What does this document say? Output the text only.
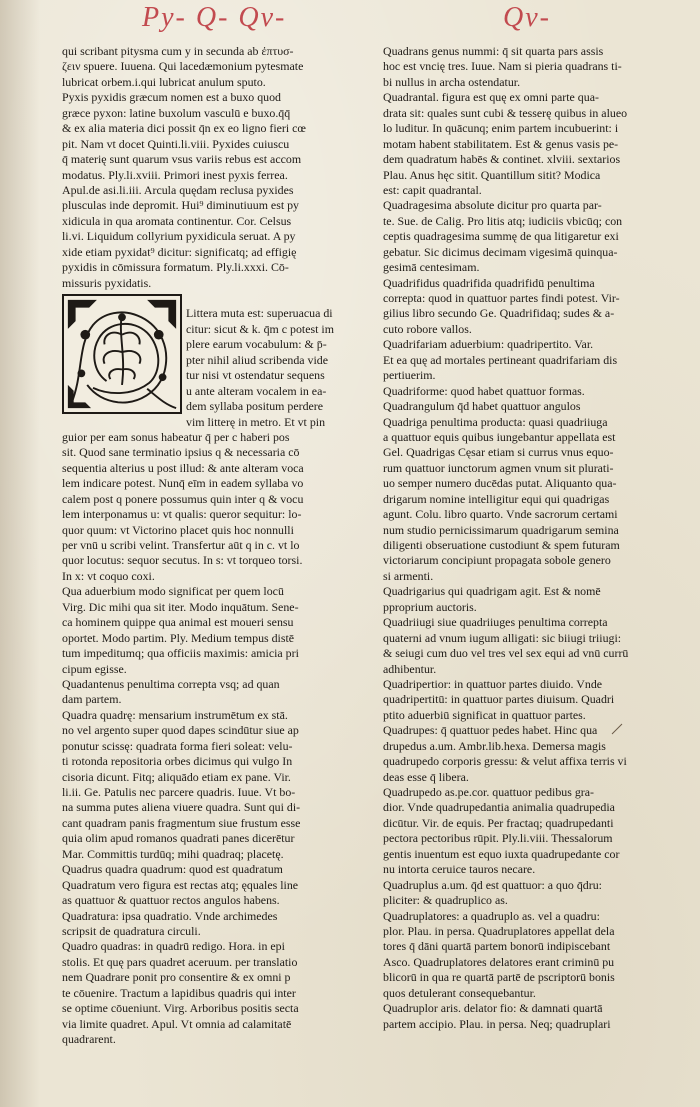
Py- Q- Qv-	Qv-
qui scribant pitysma cum y in secunda ab ἐπτυσ-
ζειν spuere. Iuuena. Qui lacedæmonium pytesmate
lubricat orbem.i.qui lubricat anulum sputo.
Pyxis pyxidis græcum nomen est a buxo quod
græce pyxon: latine buxolum vasculū e buxo.q̄q̄
& ex alia materia dici possit q̄n ex eo ligno fieri cœ
pit. Nam vt docet Quinti.li.viii. Pyxides cuiuscu
q̄ materię sunt quarum vsus variis rebus est accom
modatus. Ply.li.xviii. Primori inest pyxis ferrea.
Apul.de asi.li.iii. Arcula quędam reclusa pyxides
plusculas inde depromit. Hui⁹ diminutiuum est py
xidicula in qua aromata continentur. Cor. Celsus
li.vi. Liquidum collyrium pyxidicula seruat. A py
xide etiam pyxidat⁹ dicitur: significatq; ad effigię
pyxidis in cōmissura formatum. Ply.li.xxxi. Cō-
missuris pyxidatis.
Littera muta est: superuacua di
citur: sicut & k. q̄m c potest im
plere earum vocabulum: & p̄-
pter nihil aliud scribenda vide
tur nisi vt ostendatur sequens
u ante alteram vocalem in ea-
dem syllaba positum perdere
vim litterę in metro. Et vt pin
guior per eam sonus habeatur q̄ per c haberi pos
sit. Quod sane terminatio ipsius q & necessaria cō
sequentia alterius u post illud: & ante alteram voca
lem indicare potest. Nunq̄ eīm in eadem syllaba vo
calem post q ponere possumus quin inter q & vocu
lem interponamus u: vt qualis: queror sequitur: lo-
quor quum: vt Victorino placet quis hoc nonnulli
per vnū u scribi velint. Transfertur aūt q in c. vt lo
quor locutus: sequor secutus. In s: vt torqueo torsi.
In x: vt coquo coxi.
Qua aduerbium modo significat per quem locū
Virg. Dic mihi qua sit iter. Modo inquātum. Sene-
ca hominem quippe qua animal est moueri sensu
oportet. Modo partim. Ply. Medium tempus distē
tum impeditumq; qua officiis maximis: amicia pri
cipum egisse.
Quadantenus penultima correpta vsq; ad quan
dam partem.
Quadra quadrę: mensarium instrumētum ex stā.
no vel argento super quod dapes scindūtur siue ap
ponutur scissę: quadrata forma fieri soleat: velu-
ti rotonda repositoria orbes dicimus qui vulgo In
cisoria dicunt. Fitq; aliquādo etiam ex pane. Vir.
li.ii. Ge. Patulis nec parcere quadris. Iuue. Vt bo-
na summa putes aliena viuere quadra. Sunt qui di-
cant quadram panis fragmentum siue frustum esse
quia olim apud romanos quadrati panes dicerētur
Mar. Committis turdūq; mihi quadraq; placetę.
Quadrus quadra quadrum: quod est quadratum
Quadratum vero figura est rectas atq; ęquales line
as quattuor & quattuor rectos angulos habens.
Quadratura: ipsa quadratio. Vnde archimedes
scripsit de quadratura circuli.
Quadro quadras: in quadrū redigo. Hora. in epi
stolis. Et quę pars quadret aceruum. per translatio
nem Quadrare ponit pro consentire & ex omni p
te cōuenire. Tractum a lapidibus quadris qui inter
se optime cōueniunt. Virg. Arboribus positis secta
via limite quadret. Apul. Vt omnia ad calamitatē
quadrarent.
Quadrans genus nummi: q̄ sit quarta pars assis
hoc est vncię tres. Iuue. Nam si pieria quadrans ti-
bi nullus in archa ostendatur.
Quadrantal. figura est quę ex omni parte qua-
drata sit: quales sunt cubi & tesserę quibus in alueo
lo luditur. In quācunq; enim partem incubuerint: i
motam habent stabilitatem. Est & genus vasis pe-
dem quadratum habēs & continet. xlviii. sextarios
Plau. Anus hęc sitit. Quantillum sitit? Modica
est: capit quadrantal.
Quadragesima absolute dicitur pro quarta par-
te. Sue. de Calig. Pro litis atq; iudiciis vbicūq; con
ceptis quadragesima summę de qua litigaretur exi
gebatur. Sic dicimus decimam vigesimā quinqua-
gesimā centesimam.
Quadrifidus quadrifida quadrifidū penultima
correpta: quod in quattuor partes findi potest. Vir-
gilius libro secundo Ge. Quadrifidaq; sudes & a-
cuto robore vallos.
Quadrifariam aduerbium: quadripertito. Var.
Et ea quę ad mortales pertineant quadrifariam dis
pertiuerim.
Quadriforme: quod habet quattuor formas.
Quadrangulum q̄d habet quattuor angulos
Quadriga penultima producta: quasi quadriiuga
a quattuor equis quibus iungebantur appellata est
Gel. Quadrigas Cęsar etiam si currus vnus equo-
rum quattuor iunctorum agmen vnum sit plurati-
uo semper numero ducēdas putat. Aliquanto qua-
drigarum nomine intelligitur equi qui quadrigas
agunt. Colu. libro quarto. Vnde sacrorum certami
num studio pernicissimarum quadrigarum semina
diligenti obseruatione custodiunt & spem futuram
victoriarum concipiunt propagata sobole genero
si armenti.
Quadrigarius qui quadrigam agit. Est & nomē
pproprium auctoris.
Quadriiugi siue quadriiuges penultima correpta
quaterni ad vnum iugum alligati: sic biiugi triiugi:
& seiugi cum duo vel tres vel sex equi ad vnū currū
adhibentur.
Quadripertior: in quattuor partes diuido. Vnde
quadripertitū: in quattuor partes diuisum. Quadri
ptito aduerbiū significat in quattuor partes.
Quadrupes: q̄ quattuor pedes habet. Hinc qua
drupedus a.um. Ambr.lib.hexa. Demersa magis
quadrupedo corporis gressu: & velut affixa terris vi
deas esse q̄ libera.
Quadrupedo as.pe.cor. quattuor pedibus gra-
dior. Vnde quadrupedantia animalia quadrupedia
dicūtur. Vir. de equis. Per fractaq; quadrupedanti
pectora pectoribus rūpit. Ply.li.viii. Thessalorum
gentis inuentum est equo iuxta quadrupedante cor
nu intorta ceruice tauros necare.
Quadruplus a.um. q̄d est quattuor: a quo q̄dru:
pliciter: & quadruplico as.
Quadruplatores: a quadruplo as. vel a quadru:
plor. Plau. in persa. Quadruplatores appellat dela
tores q̄ dāni quartā partem bonorū indipiscebant
Asco. Quadruplatores delatores erant criminū pu
blicorū in qua re quartā partē de pscriptorū bonis
quos detulerant consequebantur.
Quadruplor aris. delator fio: & damnati quartā
partem accipio. Plau. in persa. Neq; quadruplari
